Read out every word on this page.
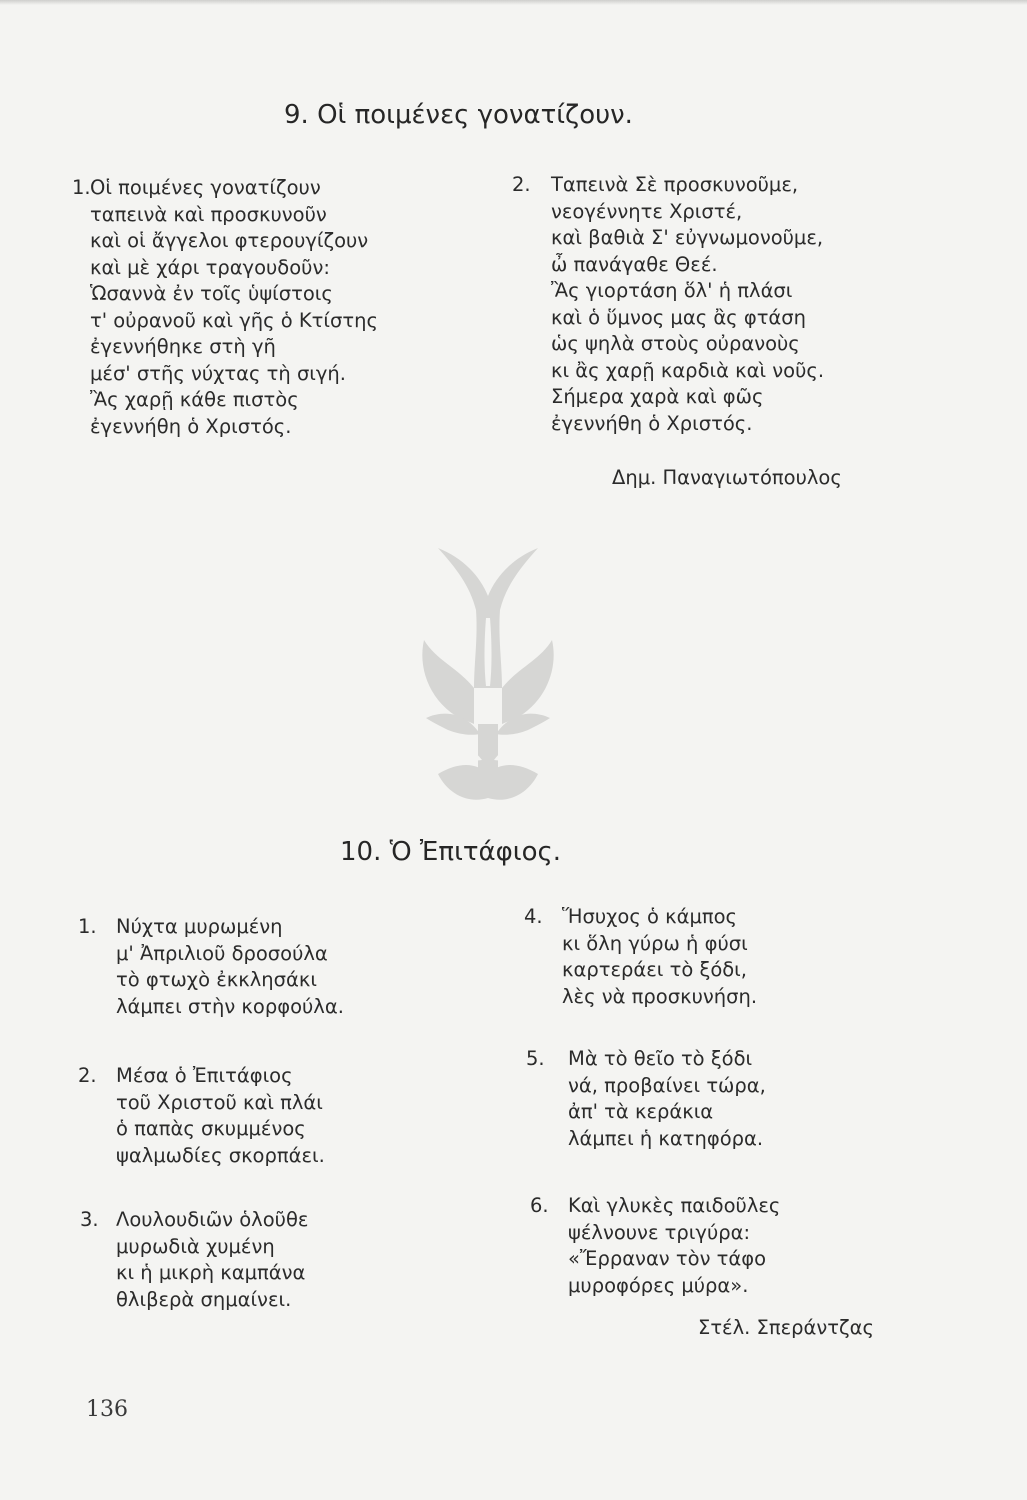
9. Οἱ ποιμένες γονατίζουν.
1. Οἱ ποιμένες γονατίζουν
ταπεινὰ καὶ προσκυνοῦν
καὶ οἱ ἄγγελοι φτερουγίζουν
καὶ μὲ χάρι τραγουδοῦν:
Ὡσαννὰ ἐν τοῖς ὑψίστοις
τ' οὐρανοῦ καὶ γῆς ὁ Κτίστης
ἐγεννήθηκε στὴ γῆ
μέσ' στῆς νύχτας τὴ σιγή.
Ἂς χαρῇ κάθε πιστὸς
ἐγεννήθη ὁ Χριστός.
2. Ταπεινὰ Σὲ προσκυνοῦμε,
νεογέννητε Χριστέ,
καὶ βαθιὰ Σ' εὐγνωμονοῦμε,
ὦ πανάγαθε Θεέ.
Ἂς γιορτάση ὅλ' ἡ πλάσι
καὶ ὁ ὕμνος μας ἂς φτάση
ὡς ψηλὰ στοὺς οὐρανοὺς
κι ἂς χαρῇ καρδιὰ καὶ νοῦς.
Σήμερα χαρὰ καὶ φῶς
ἐγεννήθη ὁ Χριστός.
Δημ. Παναγιωτόπουλος
10. Ὁ Ἐπιτάφιος.
1. Νύχτα μυρωμένη
μ' Ἀπριλιοῦ δροσούλα
τὸ φτωχὸ ἐκκλησάκι
λάμπει στὴν κορφούλα.
2. Μέσα ὁ Ἐπιτάφιος
τοῦ Χριστοῦ καὶ πλάι
ὁ παπὰς σκυμμένος
ψαλμωδίες σκορπάει.
3. Λουλουδιῶν ὁλοῦθε
μυρωδιὰ χυμένη
κι ἡ μικρὴ καμπάνα
θλιβερὰ σημαίνει.
4. Ἥσυχος ὁ κάμπος
κι ὅλη γύρω ἡ φύσι
καρτεράει τὸ ξόδι,
λὲς νὰ προσκυνήση.
5. Μὰ τὸ θεῖο τὸ ξόδι
νά, προβαίνει τώρα,
ἀπ' τὰ κεράκια
λάμπει ἡ κατηφόρα.
6. Καὶ γλυκὲς παιδοῦλες
ψέλνουνε τριγύρα:
«Ἔρραναν τὸν τάφο
μυροφόρες μύρα».
Στέλ. Σπεράντζας
136
